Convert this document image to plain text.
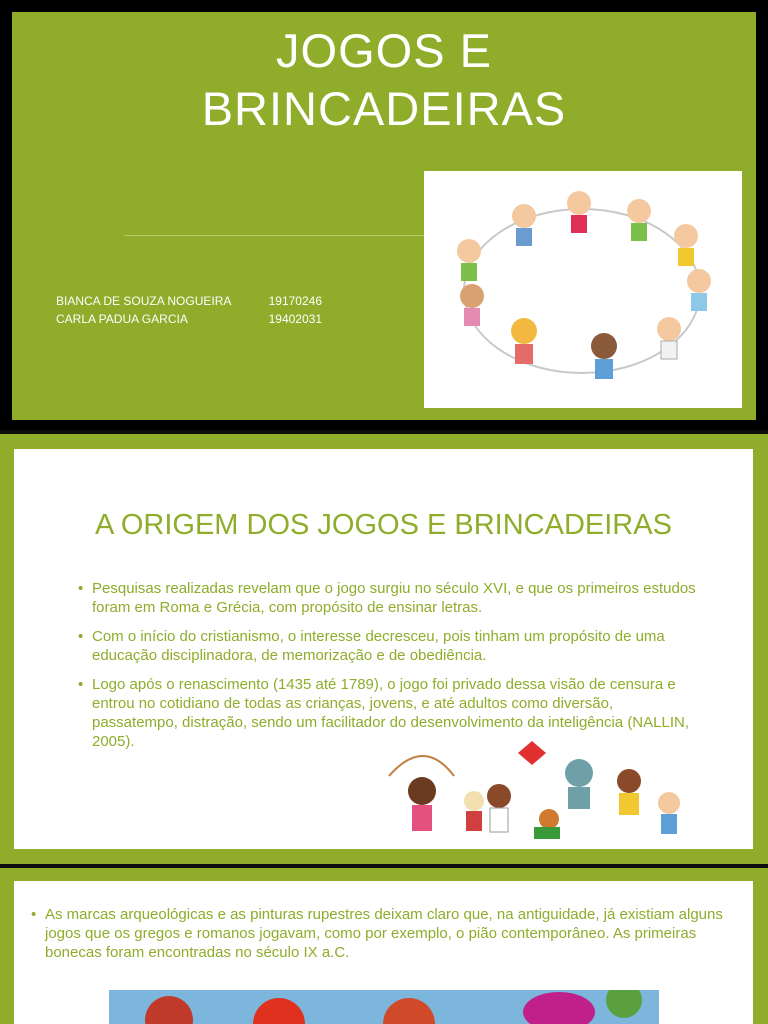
JOGOS E
BRINCADEIRAS
BIANCA DE SOUZA NOGUEIRA	19170246
CARLA PADUA GARCIA	19402031
A ORIGEM DOS JOGOS E BRINCADEIRAS
• Pesquisas realizadas revelam que o jogo surgiu no século XVI, e que os primeiros estudos foram em Roma e Grécia, com propósito de ensinar letras.
• Com o início do cristianismo, o interesse decresceu, pois tinham um propósito de uma educação disciplinadora, de memorização e de obediência.
• Logo após o renascimento (1435 até 1789), o jogo foi privado dessa visão de censura e entrou no cotidiano de todas as crianças, jovens, e até adultos como diversão, passatempo, distração, sendo um facilitador do desenvolvimento da inteligência (NALLIN, 2005).
• As marcas arqueológicas e as pinturas rupestres deixam claro que, na antiguidade, já existiam alguns jogos que os gregos e romanos jogavam, como por exemplo, o pião contemporâneo. As primeiras bonecas foram encontradas no século IX a.C.
